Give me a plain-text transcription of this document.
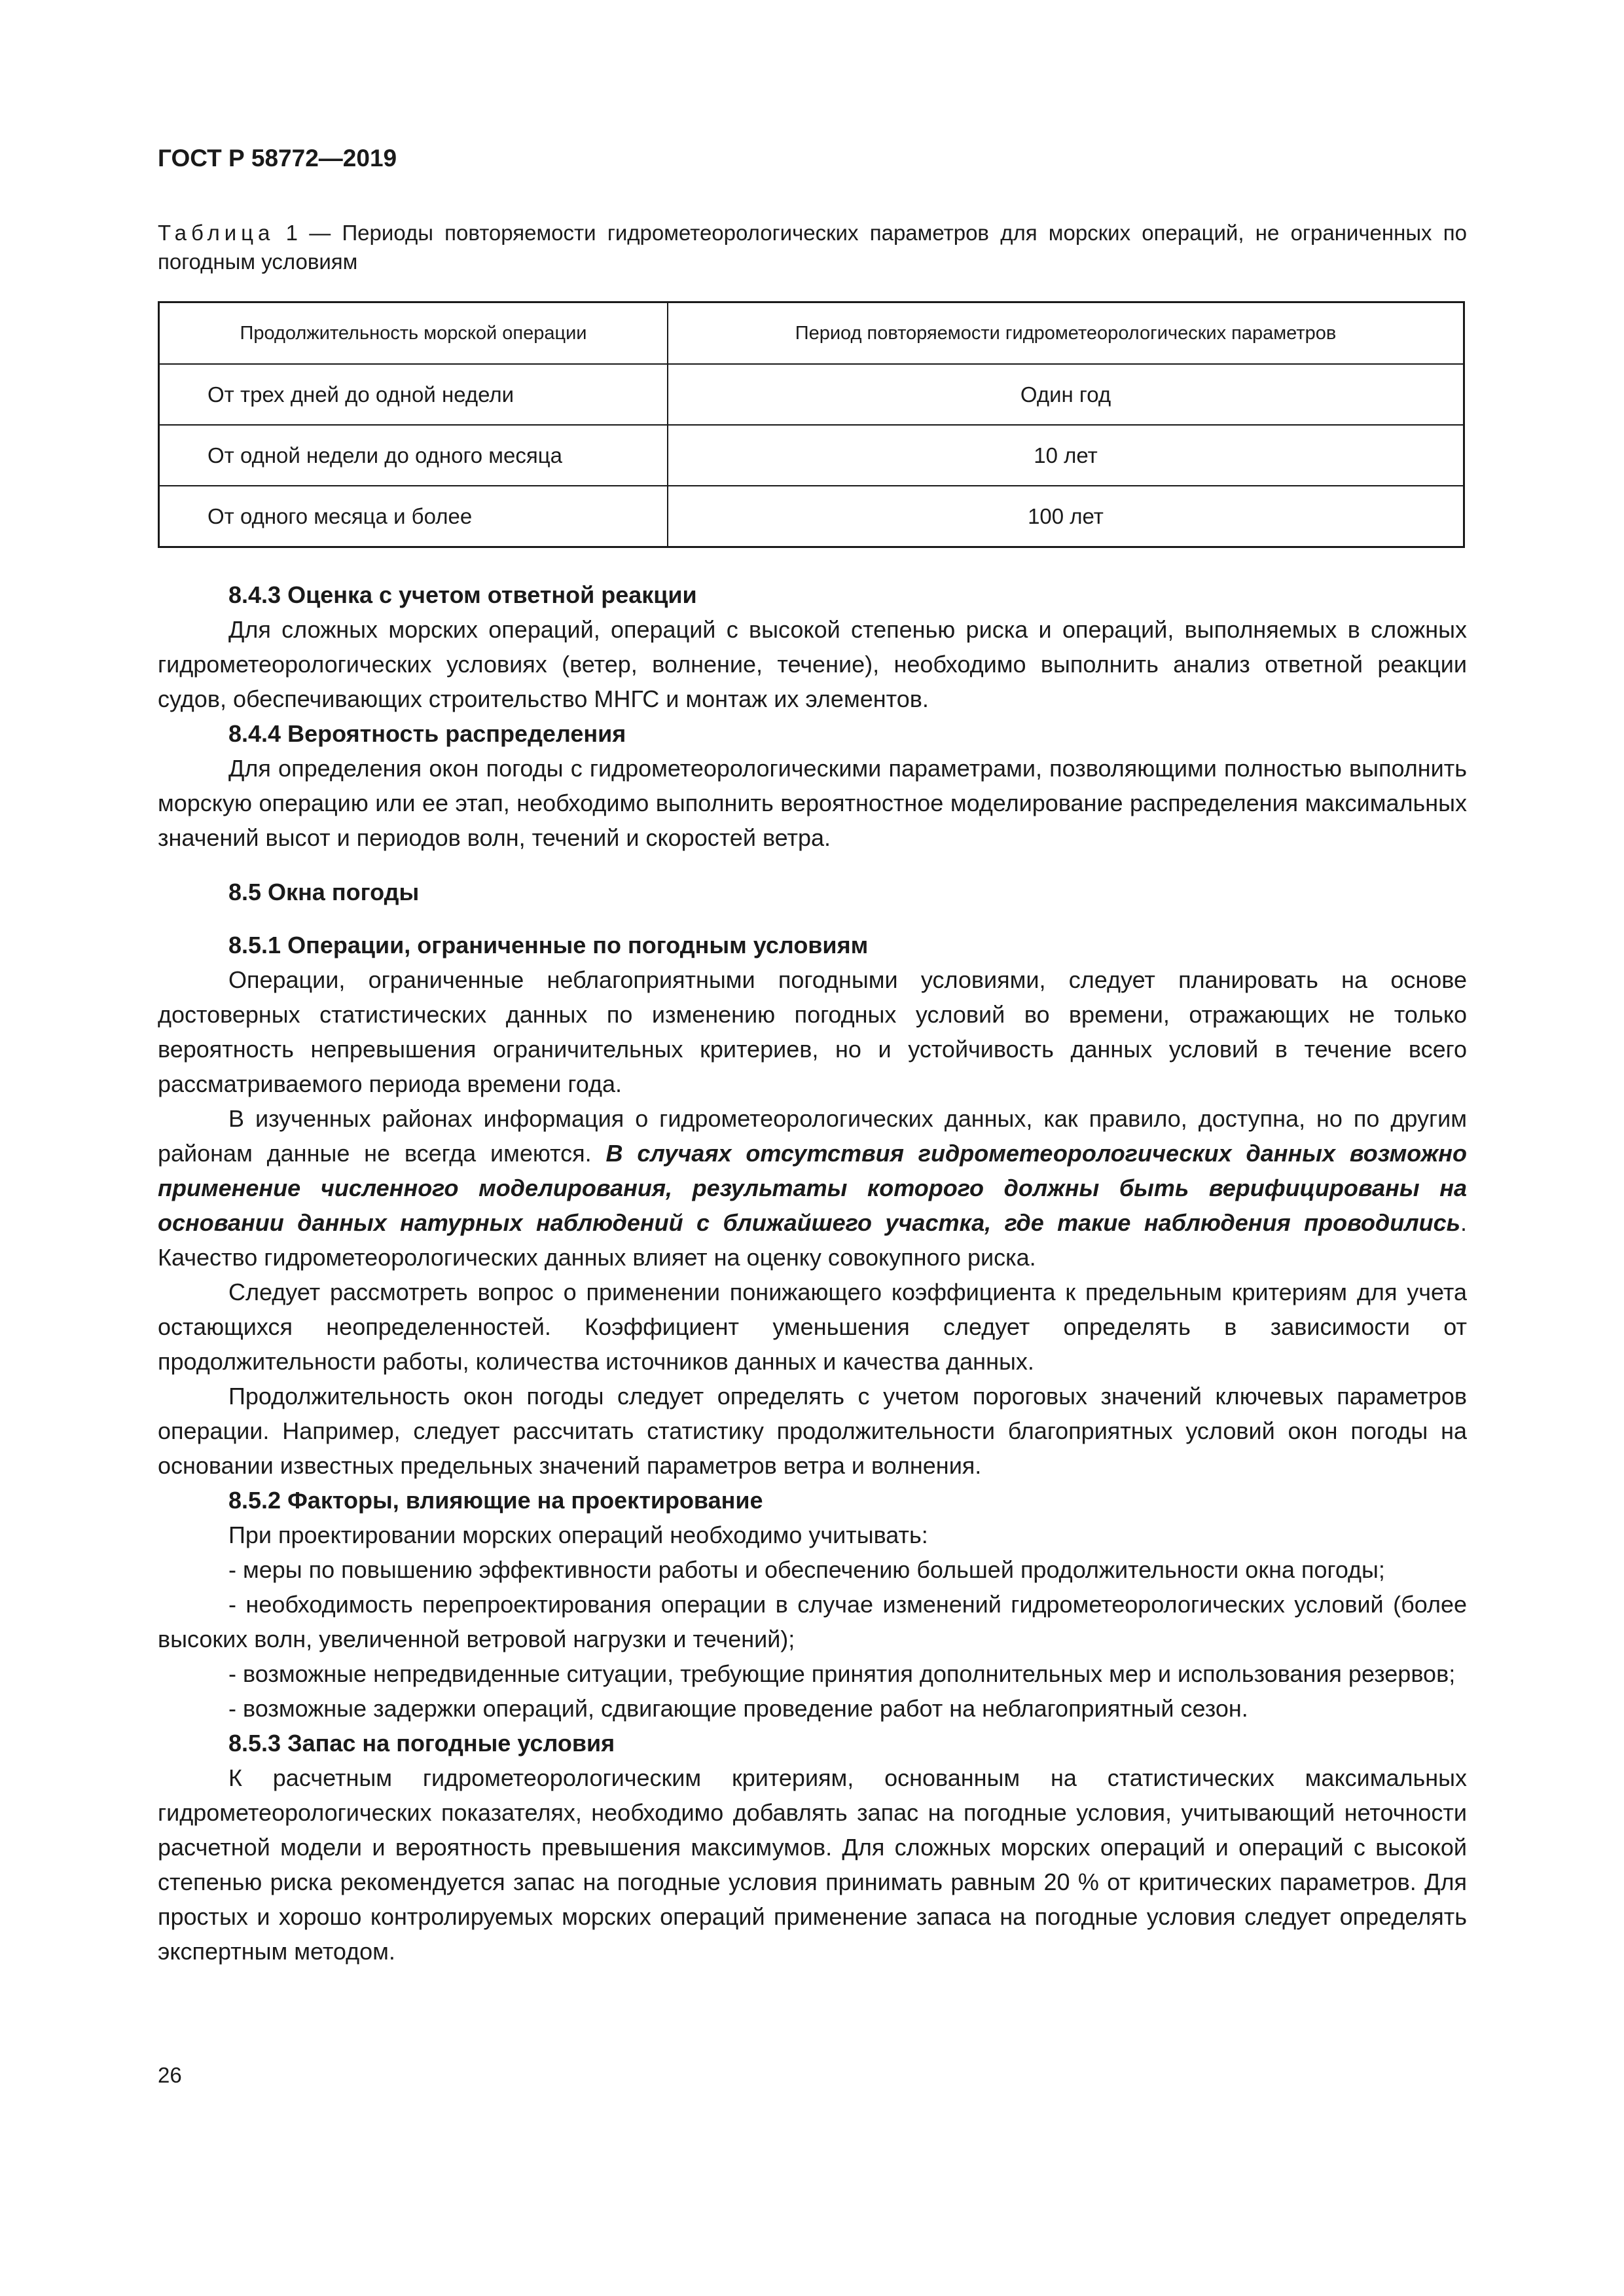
ГОСТ Р 58772—2019
Таблица 1 — Периоды повторяемости гидрометеорологических параметров для морских операций, не ограниченных по погодным условиям
Продолжительность морской операции	Период повторяемости гидрометеорологических параметров
От трех дней до одной недели	Один год
От одной недели до одного месяца	10 лет
От одного месяца и более	100 лет
8.4.3 Оценка с учетом ответной реакции

Для сложных морских операций, операций с высокой степенью риска и операций, выполняемых в сложных гидрометеорологических условиях (ветер, волнение, течение), необходимо выполнить анализ ответной реакции судов, обеспечивающих строительство МНГС и монтаж их элементов.

8.4.4 Вероятность распределения

Для определения окон погоды с гидрометеорологическими параметрами, позволяющими полностью выполнить морскую операцию или ее этап, необходимо выполнить вероятностное моделирование распределения максимальных значений высот и периодов волн, течений и скоростей ветра.

8.5 Окна погоды
8.5.1 Операции, ограниченные по погодным условиям

Операции, ограниченные неблагоприятными погодными условиями, следует планировать на основе достоверных статистических данных по изменению погодных условий во времени, отражающих не только вероятность непревышения ограничительных критериев, но и устойчивость данных условий в течение всего рассматриваемого периода времени года.

В изученных районах информация о гидрометеорологических данных, как правило, доступна, но по другим районам данные не всегда имеются. В случаях отсутствия гидрометеорологических данных возможно применение численного моделирования, результаты которого должны быть верифицированы на основании данных натурных наблюдений с ближайшего участка, где такие наблюдения проводились. Качество гидрометеорологических данных влияет на оценку совокупного риска.

Следует рассмотреть вопрос о применении понижающего коэффициента к предельным критериям для учета остающихся неопределенностей. Коэффициент уменьшения следует определять в зависимости от продолжительности работы, количества источников данных и качества данных.

Продолжительность окон погоды следует определять с учетом пороговых значений ключевых параметров операции. Например, следует рассчитать статистику продолжительности благоприятных условий окон погоды на основании известных предельных значений параметров ветра и волнения.

8.5.2 Факторы, влияющие на проектирование

При проектировании морских операций необходимо учитывать:

- меры по повышению эффективности работы и обеспечению большей продолжительности окна погоды;

- необходимость перепроектирования операции в случае изменений гидрометеорологических условий (более высоких волн, увеличенной ветровой нагрузки и течений);

- возможные непредвиденные ситуации, требующие принятия дополнительных мер и использования резервов;

- возможные задержки операций, сдвигающие проведение работ на неблагоприятный сезон.

8.5.3 Запас на погодные условия

К расчетным гидрометеорологическим критериям, основанным на статистических максимальных гидрометеорологических показателях, необходимо добавлять запас на погодные условия, учитывающий неточности расчетной модели и вероятность превышения максимумов. Для сложных морских операций и операций с высокой степенью риска рекомендуется запас на погодные условия принимать равным 20 % от критических параметров. Для простых и хорошо контролируемых морских операций применение запаса на погодные условия следует определять экспертным методом.

26
